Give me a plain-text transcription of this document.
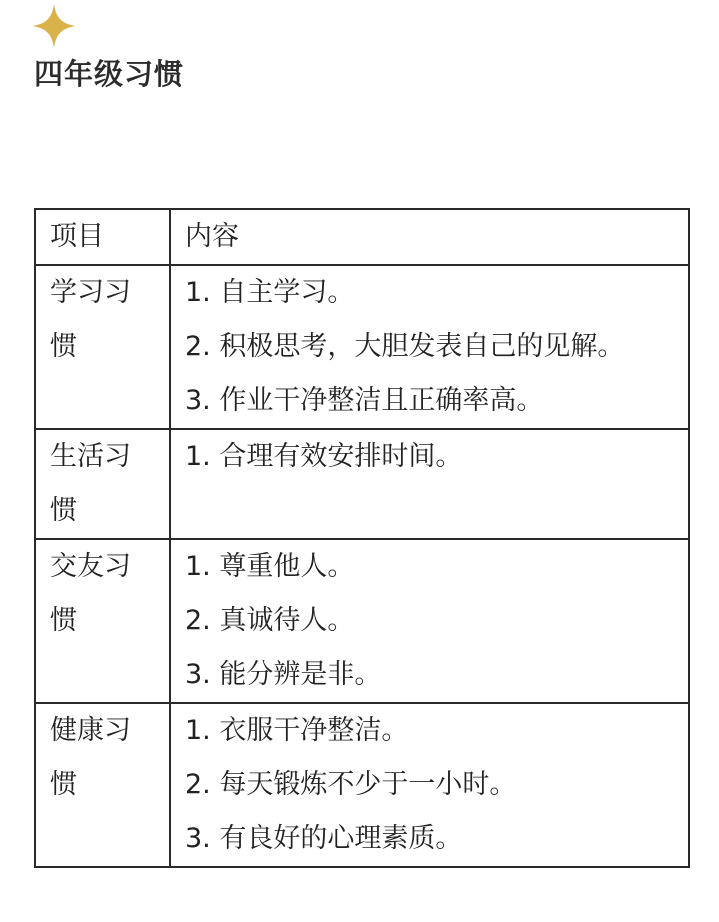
四年级习惯
项目	内容
学习习惯	1. 自主学习。
2. 积极思考，大胆发表自己的见解。
3. 作业干净整洁且正确率高。

生活习惯	1. 合理有效安排时间。

交友习惯	1. 尊重他人。
2. 真诚待人。
3. 能分辨是非。

健康习惯	1. 衣服干净整洁。
2. 每天锻炼不少于一小时。
3. 有良好的心理素质。
